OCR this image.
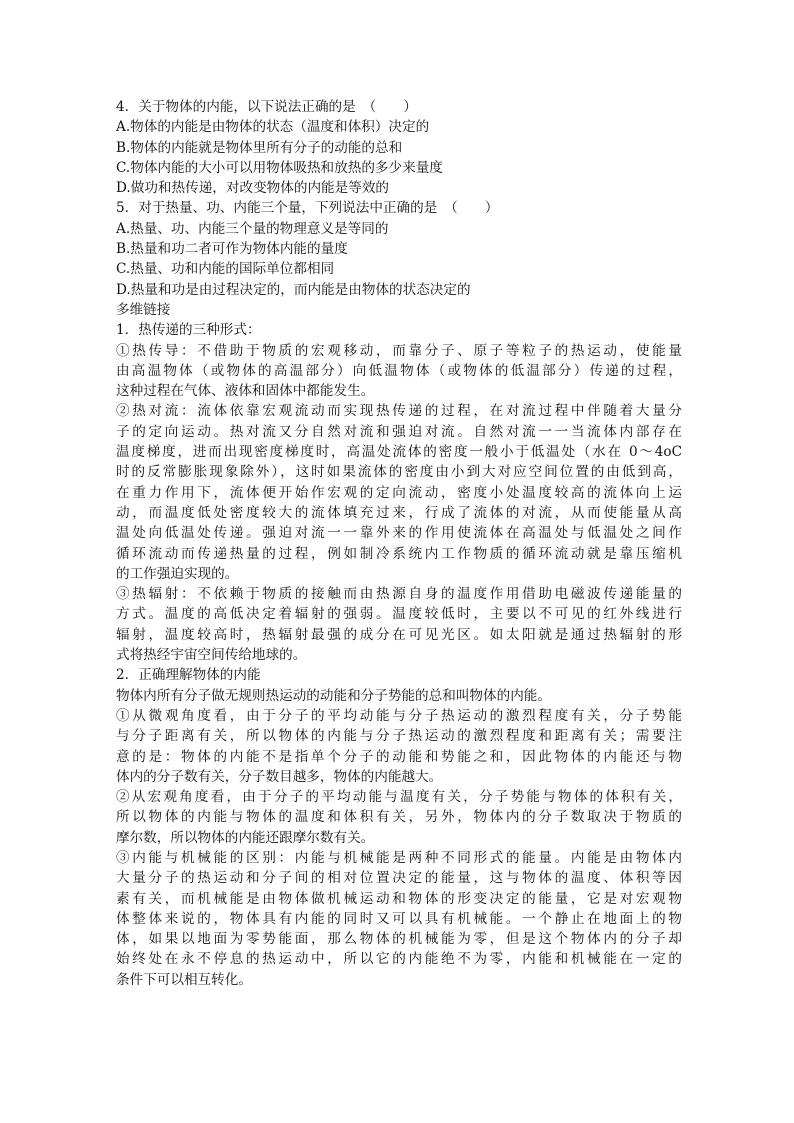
4．关于物体的内能，以下说法正确的是　（　　）
A.物体的内能是由物体的状态（温度和体积）决定的
B.物体的内能就是物体里所有分子的动能的总和
C.物体内能的大小可以用物体吸热和放热的多少来量度
D.做功和热传递，对改变物体的内能是等效的
5．对于热量、功、内能三个量，下列说法中正确的是　（　　）
A.热量、功、内能三个量的物理意义是等同的
B.热量和功二者可作为物体内能的量度
C.热量、功和内能的国际单位都相同
D.热量和功是由过程决定的，而内能是由物体的状态决定的
多维链接
1．热传递的三种形式：
①热传导：不借助于物质的宏观移动，而靠分子、原子等粒子的热运动，使能量
由高温物体（或物体的高温部分）向低温物体（或物体的低温部分）传递的过程，
这种过程在气体、液体和固体中都能发生。
②热对流：流体依靠宏观流动而实现热传递的过程，在对流过程中伴随着大量分
子的定向运动。热对流又分自然对流和强迫对流。自然对流一一当流体内部存在
温度梯度，进而出现密度梯度时，高温处流体的密度一般小于低温处（水在 0～4oC
时的反常膨胀现象除外），这时如果流体的密度由小到大对应空间位置的由低到高，
在重力作用下，流体便开始作宏观的定向流动，密度小处温度较高的流体向上运
动，而温度低处密度较大的流体填充过来，行成了流体的对流，从而使能量从高
温处向低温处传递。强迫对流一一靠外来的作用使流体在高温处与低温处之间作
循环流动而传递热量的过程，例如制冷系统内工作物质的循环流动就是靠压缩机
的工作强迫实现的。
③热辐射：不依赖于物质的接触而由热源自身的温度作用借助电磁波传递能量的
方式。温度的高低决定着辐射的强弱。温度较低时，主要以不可见的红外线进行
辐射，温度较高时，热辐射最强的成分在可见光区。如太阳就是通过热辐射的形
式将热经宇宙空间传给地球的。
2．正确理解物体的内能
物体内所有分子做无规则热运动的动能和分子势能的总和叫物体的内能。
①从微观角度看，由于分子的平均动能与分子热运动的激烈程度有关，分子势能
与分子距离有关，所以物体的内能与分子热运动的激烈程度和距离有关；需要注
意的是：物体的内能不是指单个分子的动能和势能之和，因此物体的内能还与物
体内的分子数有关，分子数目越多，物体的内能越大。
②从宏观角度看，由于分子的平均动能与温度有关，分子势能与物体的体积有关，
所以物体的内能与物体的温度和体积有关，另外，物体内的分子数取决于物质的
摩尔数，所以物体的内能还跟摩尔数有关。
③内能与机械能的区别：内能与机械能是两种不同形式的能量。内能是由物体内
大量分子的热运动和分子间的相对位置决定的能量，这与物体的温度、体积等因
素有关，而机械能是由物体做机械运动和物体的形变决定的能量，它是对宏观物
体整体来说的，物体具有内能的同时又可以具有机械能。一个静止在地面上的物
体，如果以地面为零势能面，那么物体的机械能为零，但是这个物体内的分子却
始终处在永不停息的热运动中，所以它的内能绝不为零，内能和机械能在一定的
条件下可以相互转化。
